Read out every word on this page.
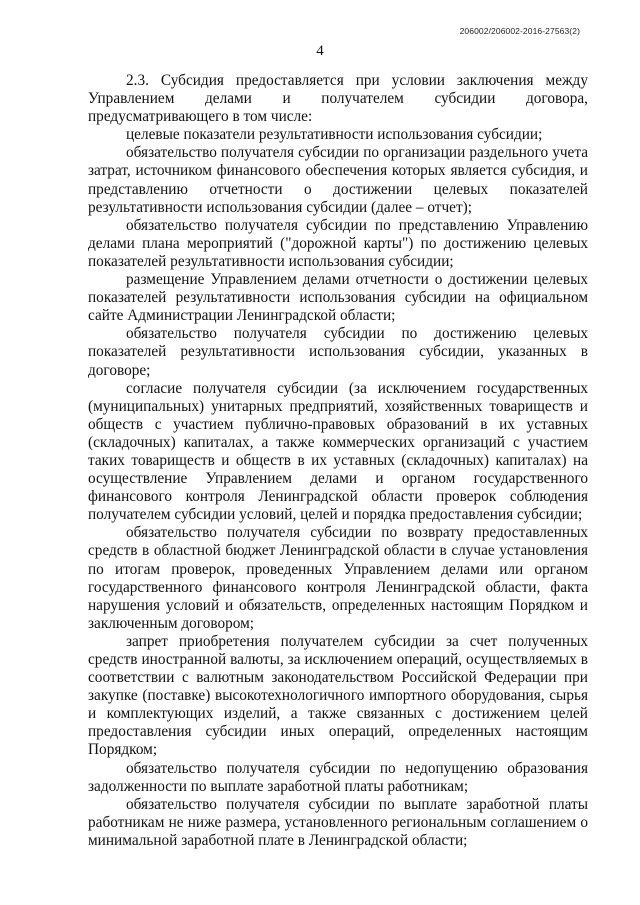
206002/206002-2016-27563(2)
4

2.3. Субсидия предоставляется при условии заключения между Управлением делами и получателем субсидии договора, предусматривающего в том числе:

целевые показатели результативности использования субсидии;

обязательство получателя субсидии по организации раздельного учета затрат, источником финансового обеспечения которых является субсидия, и представлению отчетности о достижении целевых показателей результативности использования субсидии (далее – отчет);

обязательство получателя субсидии по представлению Управлению делами плана мероприятий ("дорожной карты") по достижению целевых показателей результативности использования субсидии;

размещение Управлением делами отчетности о достижении целевых показателей результативности использования субсидии на официальном сайте Администрации Ленинградской области;

обязательство получателя субсидии по достижению целевых показателей результативности использования субсидии, указанных в договоре;

согласие получателя субсидии (за исключением государственных (муниципальных) унитарных предприятий, хозяйственных товариществ и обществ с участием публично-правовых образований в их уставных (складочных) капиталах, а также коммерческих организаций с участием таких товариществ и обществ в их уставных (складочных) капиталах) на осуществление Управлением делами и органом государственного финансового контроля Ленинградской области проверок соблюдения получателем субсидии условий, целей и порядка предоставления субсидии;

обязательство получателя субсидии по возврату предоставленных средств в областной бюджет Ленинградской области в случае установления по итогам проверок, проведенных Управлением делами или органом государственного финансового контроля Ленинградской области, факта нарушения условий и обязательств, определенных настоящим Порядком и заключенным договором;

запрет приобретения получателем субсидии за счет полученных средств иностранной валюты, за исключением операций, осуществляемых в соответствии с валютным законодательством Российской Федерации при закупке (поставке) высокотехнологичного импортного оборудования, сырья и комплектующих изделий, а также связанных с достижением целей предоставления субсидии иных операций, определенных настоящим Порядком;

обязательство получателя субсидии по недопущению образования задолженности по выплате заработной платы работникам;

обязательство получателя субсидии по выплате заработной платы работникам не ниже размера, установленного региональным соглашением о минимальной заработной плате в Ленинградской области;
